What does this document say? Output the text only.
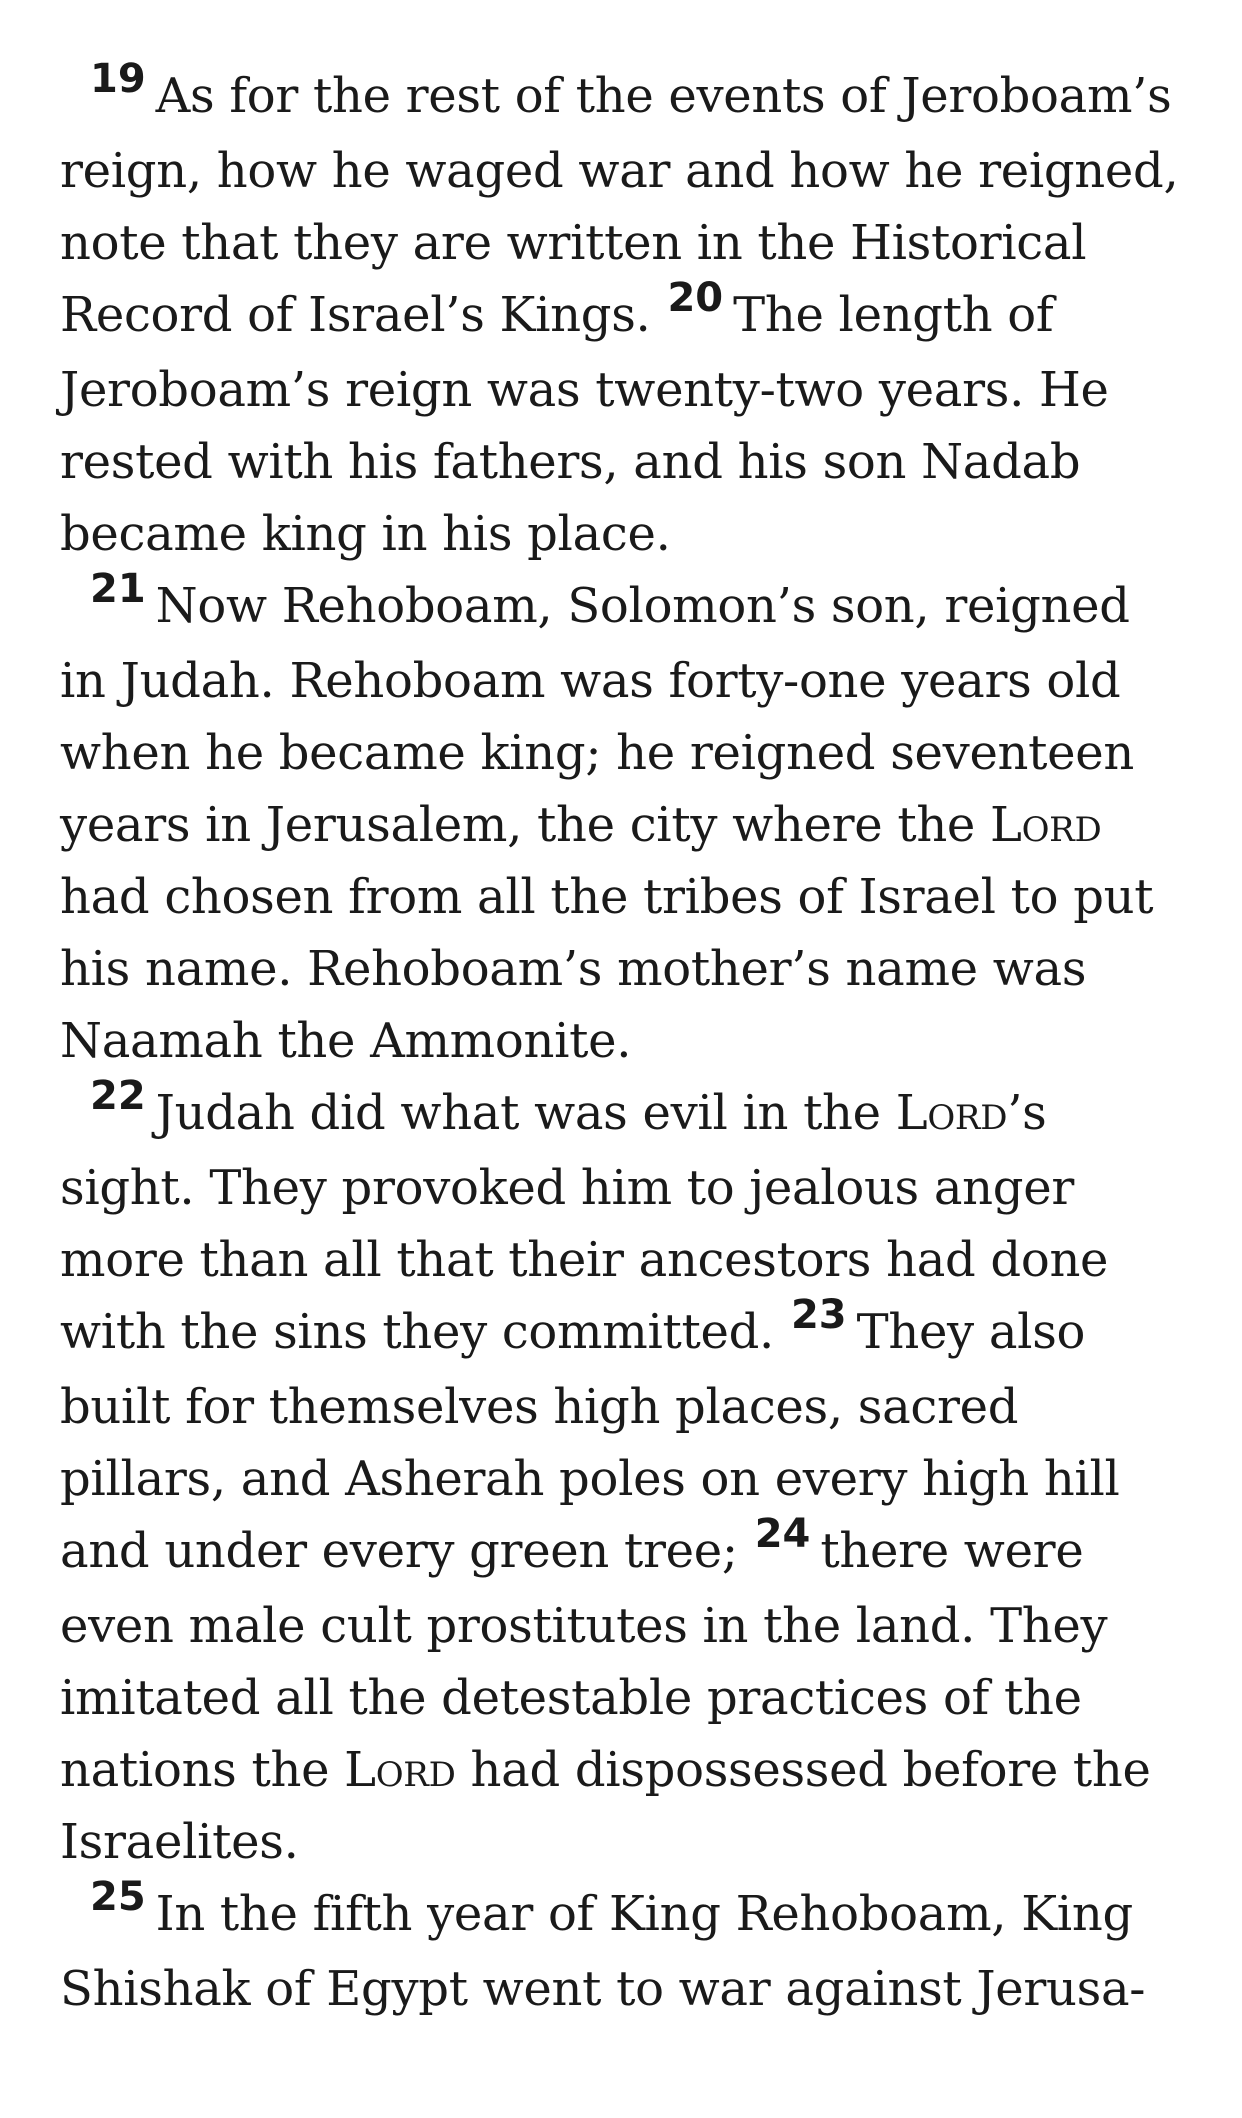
$^{19}$ As for the rest of the events of Jeroboam’s reign, how he waged war and how he reigned, note that they are written in the Historical Record of Israel’s Kings. $^{20}$ The length of Jeroboam’s reign was twenty-two years. He rested with his fathers, and his son Nadab became king in his place.

$^{21}$ Now Rehoboam, Solomon’s son, reigned in Judah. Rehoboam was forty-one years old when he became king; he reigned seventeen years in Jerusalem, the city where the Lord had chosen from all the tribes of Israel to put his name. Rehoboam’s mother’s name was Naamah the Ammonite.

$^{22}$ Judah did what was evil in the Lord’s sight. They provoked him to jealous anger more than all that their ancestors had done with the sins they committed. $^{23}$ They also built for themselves high places, sacred pillars, and Asherah poles on every high hill and under every green tree; $^{24}$ there were even male cult prostitutes in the land. They imitated all the detestable practices of the nations the Lord had dispossessed before the Israelites.

$^{25}$ In the fifth year of King Rehoboam, King Shishak of Egypt went to war against Jerusa-
